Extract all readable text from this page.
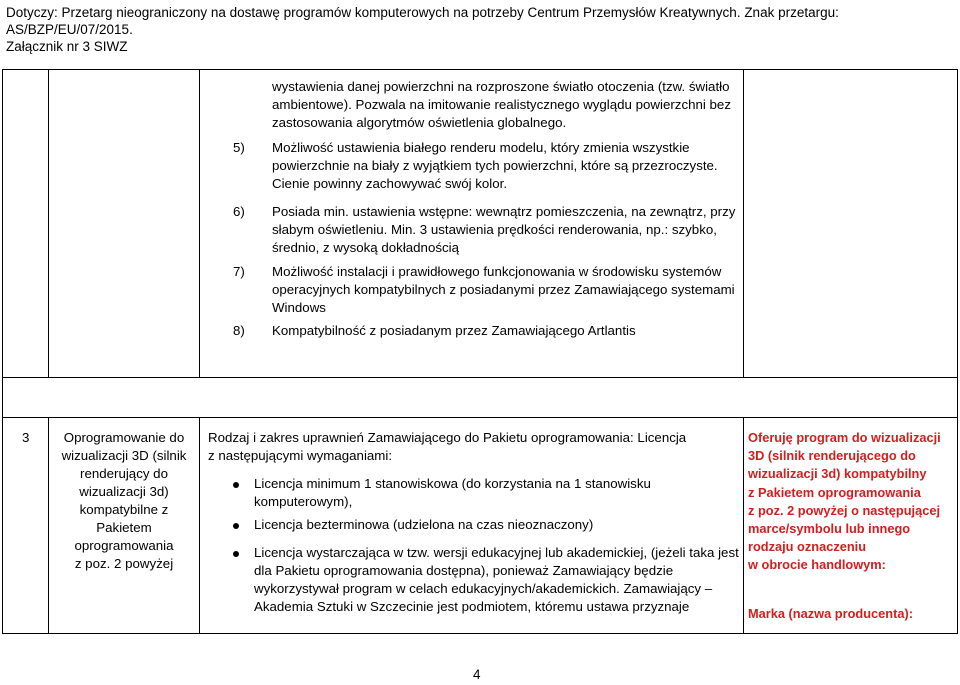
Dotyczy: Przetarg nieograniczony na dostawę programów komputerowych na potrzeby Centrum Przemysłów Kreatywnych. Znak przetargu: AS/BZP/EU/07/2015.
Załącznik nr 3 SIWZ
wystawienia danej powierzchni na rozproszone światło otoczenia (tzw. światło
ambientowe). Pozwala na imitowanie realistycznego wyglądu powierzchni bez
zastosowania algorytmów oświetlenia globalnego.
5) Możliwość ustawienia białego renderu modelu, który zmienia wszystkie
powierzchnie na biały z wyjątkiem tych powierzchni, które są przezroczyste.
Cienie powinny zachowywać swój kolor.
6) Posiada min. ustawienia wstępne: wewnątrz pomieszczenia, na zewnątrz, przy
słabym oświetleniu. Min. 3 ustawienia prędkości renderowania, np.: szybko,
średnio, z wysoką dokładnością
7) Możliwość instalacji i prawidłowego funkcjonowania w środowisku systemów
operacyjnych kompatybilnych z posiadanymi przez Zamawiającego systemami
Windows
8) Kompatybilność z posiadanym przez Zamawiającego Artlantis
3	Oprogramowanie do
wizualizacji 3D (silnik
renderujący do
wizualizacji 3d)
kompatybilne z
Pakietem
oprogramowania
z poz. 2 powyżej
Rodzaj i zakres uprawnień Zamawiającego do Pakietu oprogramowania: Licencja
z następującymi wymaganiami:
Licencja minimum 1 stanowiskowa (do korzystania na 1 stanowisku
komputerowym),
Licencja bezterminowa (udzielona na czas nieoznaczony)
Licencja wystarczająca w tzw. wersji edukacyjnej lub akademickiej, (jeżeli taka jest
dla Pakietu oprogramowania dostępna), ponieważ Zamawiający będzie
wykorzystywał program w celach edukacyjnych/akademickich. Zamawiający –
Akademia Sztuki w Szczecinie jest podmiotem, któremu ustawa przyznaje
Oferuję program do wizualizacji
3D (silnik renderującego do
wizualizacji 3d) kompatybilny
z Pakietem oprogramowania
z poz. 2 powyżej o następującej
marce/symbolu lub innego
rodzaju oznaczeniu
w obrocie handlowym:
Marka (nazwa producenta):
4
